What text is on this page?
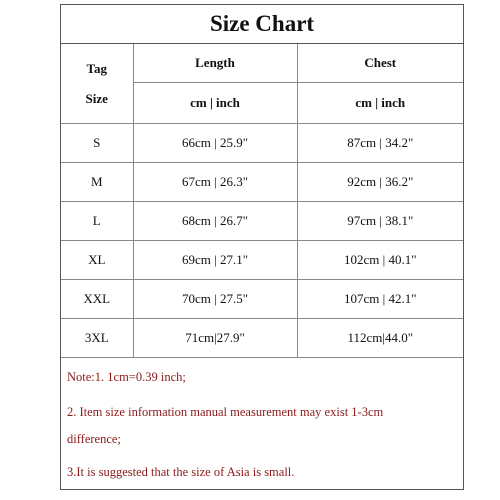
Size Chart
Tag
Size	Length	Chest
	cm | inch	cm | inch
S	66cm | 25.9"	87cm | 34.2"
M	67cm | 26.3"	92cm | 36.2"
L	68cm | 26.7"	97cm | 38.1"
XL	69cm | 27.1"	102cm | 40.1"
XXL	70cm | 27.5"	107cm | 42.1"
3XL	71cm|27.9"	112cm|44.0"
Note:1. 1cm=0.39 inch;
2. Item size information manual measurement may exist 1-3cm
difference;
3.It is suggested that the size of Asia is small.
